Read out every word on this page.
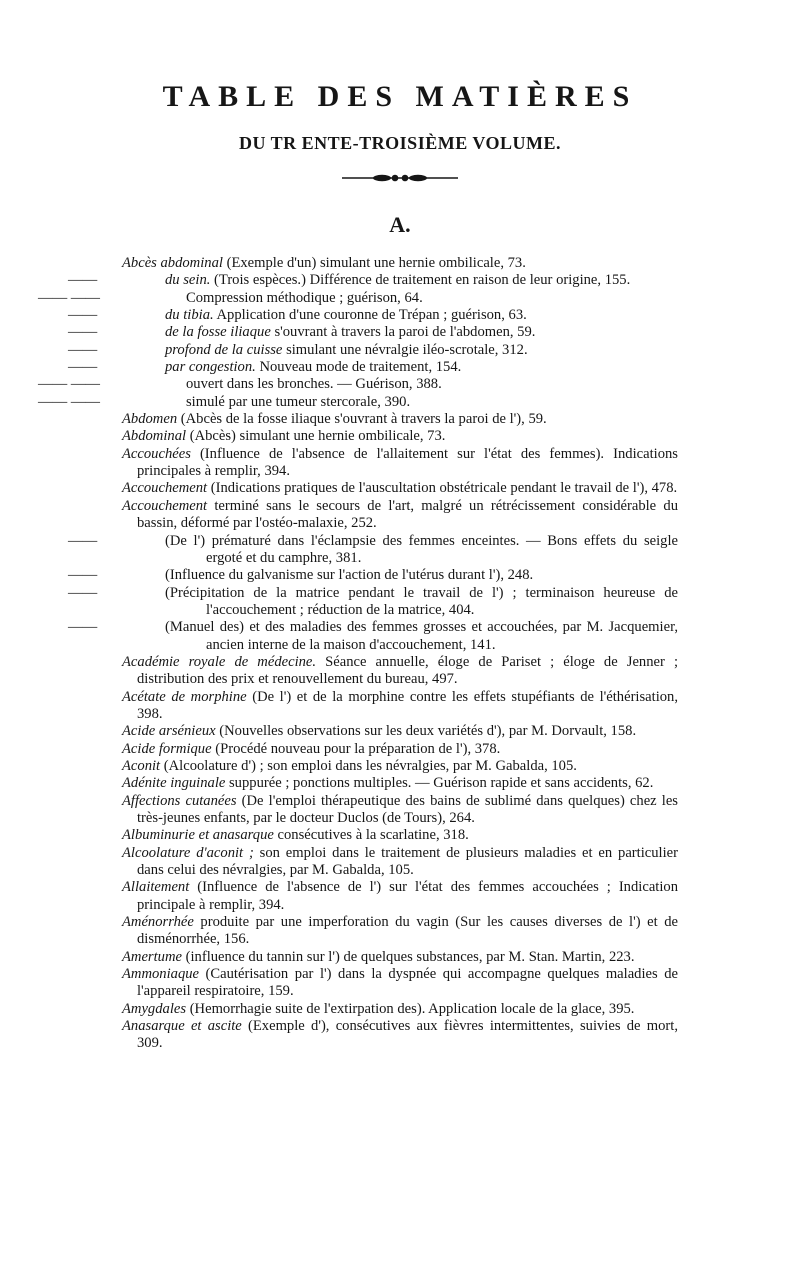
TABLE DES MATIÈRES
DU TR ENTE-TROISIÈME VOLUME.
A.

Abcès abdominal (Exemple d'un) simulant une hernie ombilicale, 73.

——	du sein. (Trois espèces.) Différence de traitement en raison de leur origine, 155.

—— ——	Compression méthodique ; guérison, 64.

——	du tibia. Application d'une couronne de Trépan ; guérison, 63.

——	de la fosse iliaque s'ouvrant à travers la paroi de l'abdomen, 59.

——	profond de la cuisse simulant une névralgie iléo-scrotale, 312.

——	par congestion. Nouveau mode de traitement, 154.

—— ——	ouvert dans les bronches. — Guérison, 388.

—— ——	simulé par une tumeur stercorale, 390.

Abdomen (Abcès de la fosse iliaque s'ouvrant à travers la paroi de l'), 59.

Abdominal (Abcès) simulant une hernie ombilicale, 73.

Accouchées (Influence de l'absence de l'allaitement sur l'état des femmes). Indications principales à remplir, 394.

Accouchement (Indications pratiques de l'auscultation obstétricale pendant le travail de l'), 478.

Accouchement terminé sans le secours de l'art, malgré un rétrécissement considérable du bassin, déformé par l'ostéo-malaxie, 252.

——	(De l') prématuré dans l'éclampsie des femmes enceintes. — Bons effets du seigle ergoté et du camphre, 381.

——	(Influence du galvanisme sur l'action de l'utérus durant l'), 248.

——	(Précipitation de la matrice pendant le travail de l') ; terminaison heureuse de l'accouchement ; réduction de la matrice, 404.

——	(Manuel des) et des maladies des femmes grosses et accouchées, par M. Jacquemier, ancien interne de la maison d'accouchement, 141.

Académie royale de médecine. Séance annuelle, éloge de Pariset ; éloge de Jenner ; distribution des prix et renouvellement du bureau, 497.

Acétate de morphine (De l') et de la morphine contre les effets stupéfiants de l'éthérisation, 398.

Acide arsénieux (Nouvelles observations sur les deux variétés d'), par M. Dorvault, 158.

Acide formique (Procédé nouveau pour la préparation de l'), 378.

Aconit (Alcoolature d') ; son emploi dans les névralgies, par M. Gabalda, 105.

Adénite inguinale suppurée ; ponctions multiples. — Guérison rapide et sans accidents, 62.

Affections cutanées (De l'emploi thérapeutique des bains de sublimé dans quelques) chez les très-jeunes enfants, par le docteur Duclos (de Tours), 264.

Albuminurie et anasarque consécutives à la scarlatine, 318.

Alcoolature d'aconit ; son emploi dans le traitement de plusieurs maladies et en particulier dans celui des névralgies, par M. Gabalda, 105.

Allaitement (Influence de l'absence de l') sur l'état des femmes accouchées ; Indication principale à remplir, 394.

Aménorrhée produite par une imperforation du vagin (Sur les causes diverses de l') et de disménorrhée, 156.

Amertume (influence du tannin sur l') de quelques substances, par M. Stan. Martin, 223.

Ammoniaque (Cautérisation par l') dans la dyspnée qui accompagne quelques maladies de l'appareil respiratoire, 159.

Amygdales (Hemorrhagie suite de l'extirpation des). Application locale de la glace, 395.

Anasarque et ascite (Exemple d'), consécutives aux fièvres intermittentes, suivies de mort, 309.
